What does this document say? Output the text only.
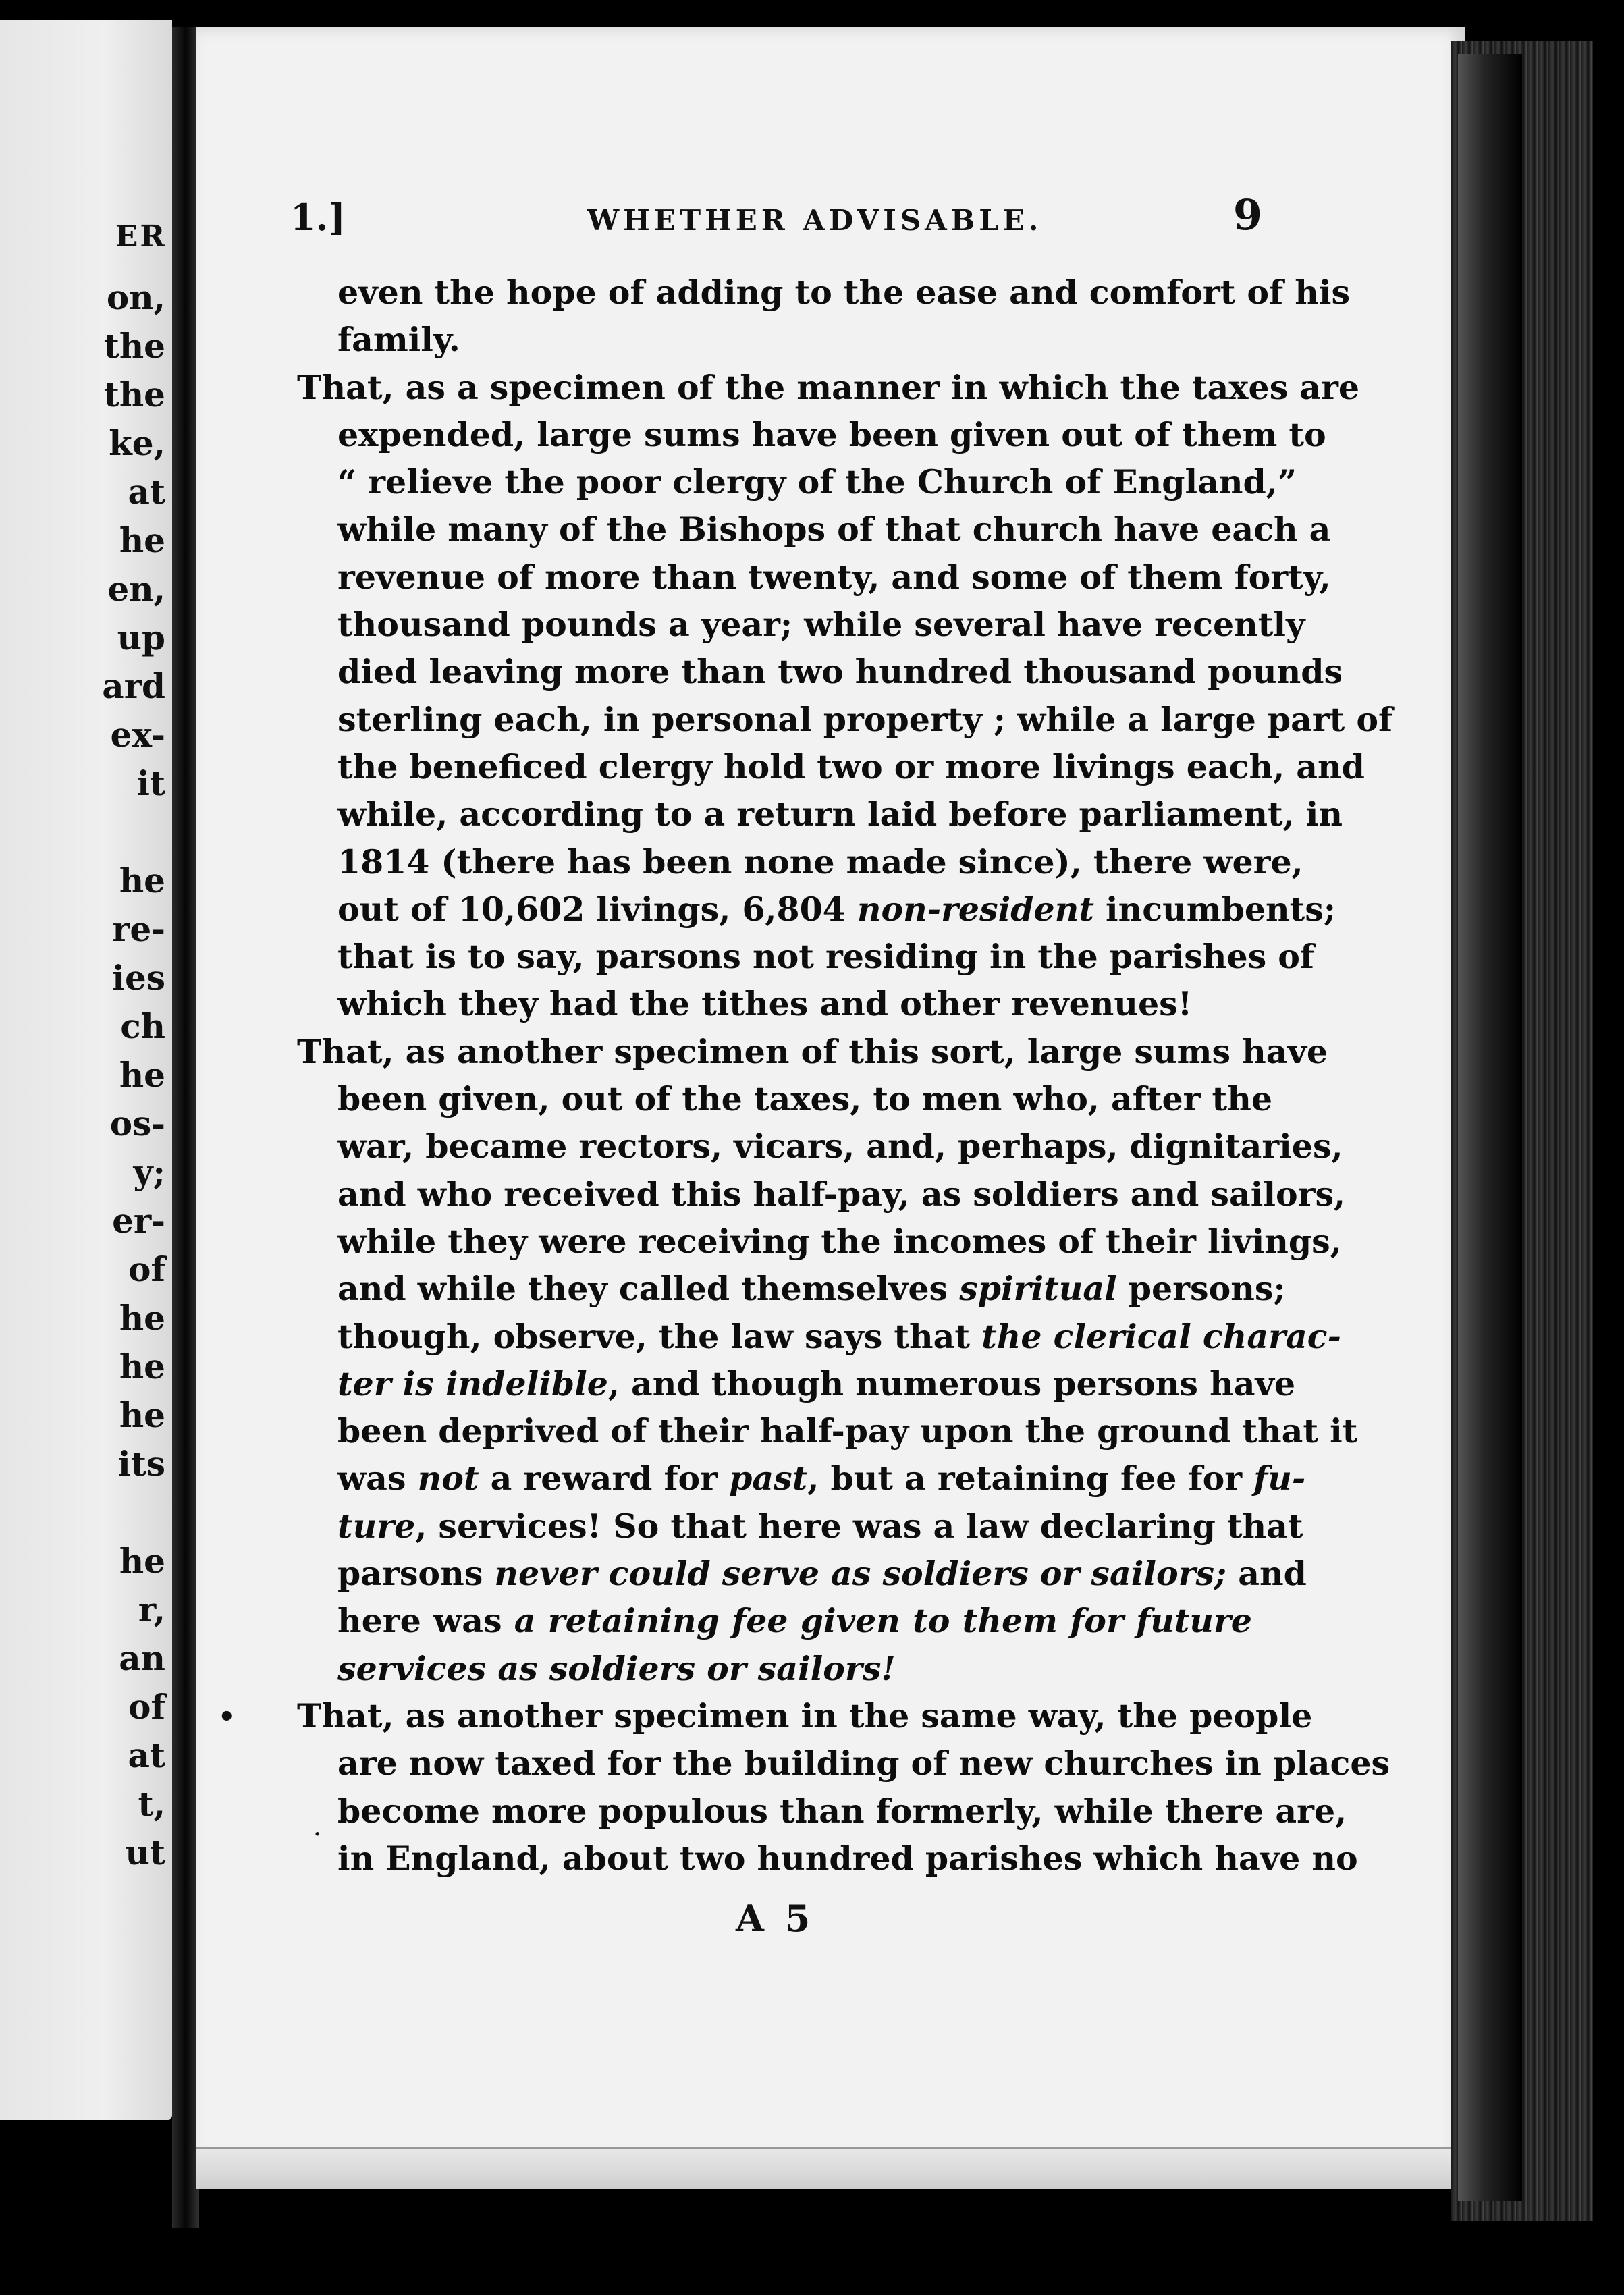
ER
on,
the
the
ke,
at
he
en,
up
ard
ex-
it
he
re-
ies
ch
he
os-
y;
er-
of
he
he
he
its
he
r,
an
of
at
t,
ut
1.]	WHETHER ADVISABLE.	9
even the hope of adding to the ease and comfort of his
family.
That, as a specimen of the manner in which the taxes are
expended, large sums have been given out of them to
“ relieve the poor clergy of the Church of England,”
while many of the Bishops of that church have each a
revenue of more than twenty, and some of them forty,
thousand pounds a year; while several have recently
died leaving more than two hundred thousand pounds
sterling each, in personal property ; while a large part of
the beneficed clergy hold two or more livings each, and
while, according to a return laid before parliament, in
1814 (there has been none made since), there were,
out of 10,602 livings, 6,804 non-resident incumbents;
that is to say, parsons not residing in the parishes of
which they had the tithes and other revenues!
That, as another specimen of this sort, large sums have
been given, out of the taxes, to men who, after the
war, became rectors, vicars, and, perhaps, dignitaries,
and who received this half-pay, as soldiers and sailors,
while they were receiving the incomes of their livings,
and while they called themselves spiritual persons;
though, observe, the law says that the clerical charac-
ter is indelible, and though numerous persons have
been deprived of their half-pay upon the ground that it
was not a reward for past, but a retaining fee for fu-
ture, services! So that here was a law declaring that
parsons never could serve as soldiers or sailors; and
here was a retaining fee given to them for future
services as soldiers or sailors!
That, as another specimen in the same way, the people
are now taxed for the building of new churches in places
become more populous than formerly, while there are,
in England, about two hundred parishes which have no
A 5
•
·
